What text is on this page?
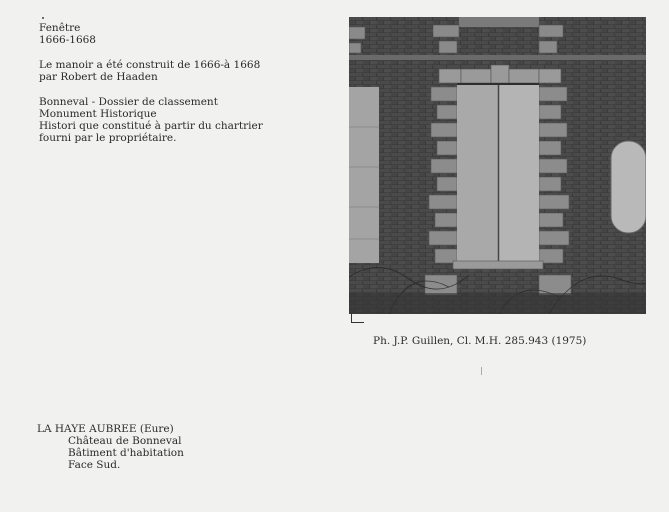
Fenêtre
1666-1668
Le manoir a été construit de 1666-à 1668
par Robert de Haaden
Bonneval - Dossier de classement
Monument Historique
Histori que constitué à partir du chartrier
fourni par le propriétaire.
Ph. J.P. Guillen, Cl. M.H. 285.943 (1975)
LA HAYE AUBREE (Eure)
Château de Bonneval
Bâtiment d'habitation
Face Sud.
